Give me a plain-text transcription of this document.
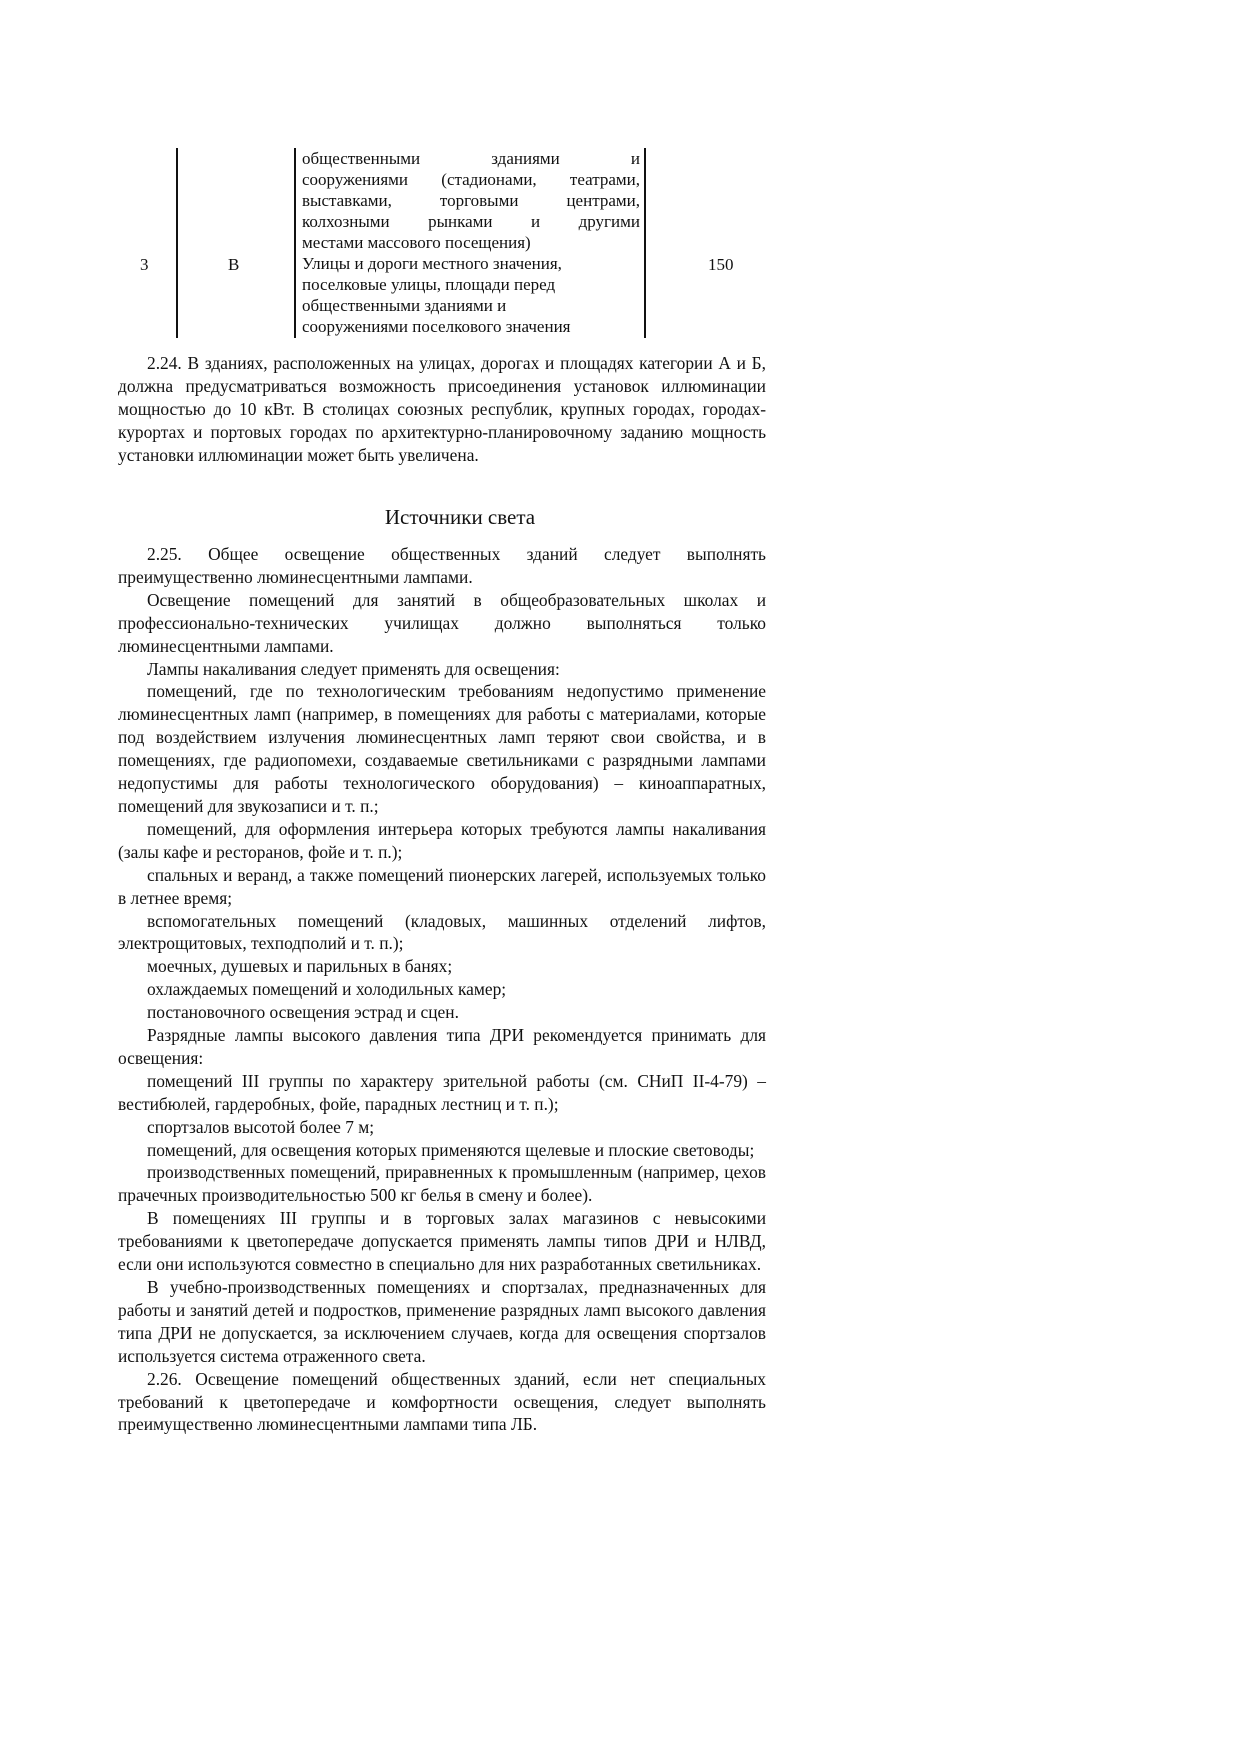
3	В
общественными зданиями и
сооружениями (стадионами, театрами,
выставками, торговыми центрами,
колхозными рынками и другими
местами массового посещения)
Улицы и дороги местного значения,
поселковые улицы, площади перед
общественными зданиями и
сооружениями поселкового значения
150

2.24. В зданиях, расположенных на улицах, дорогах и площадях категории А и Б, должна предусматриваться возможность присоединения установок иллюминации мощностью до 10 кВт. В столицах союзных республик, крупных городах, городах-курортах и портовых городах по архитектурно-планировочному заданию мощность установки иллюминации может быть увеличена.

Источники света

2.25. Общее освещение общественных зданий следует выполнять преимущественно люминесцентными лампами.

Освещение помещений для занятий в общеобразовательных школах и профессионально-технических училищах должно выполняться только люминесцентными лампами.

Лампы накаливания следует применять для освещения:

помещений, где по технологическим требованиям недопустимо применение люминесцентных ламп (например, в помещениях для работы с материалами, которые под воздействием излучения люминесцентных ламп теряют свои свойства, и в помещениях, где радиопомехи, создаваемые светильниками с разрядными лампами недопустимы для работы технологического оборудования) – киноаппаратных, помещений для звукозаписи и т. п.;

помещений, для оформления интерьера которых требуются лампы накаливания (залы кафе и ресторанов, фойе и т. п.);

спальных и веранд, а также помещений пионерских лагерей, используемых только в летнее время;

вспомогательных помещений (кладовых, машинных отделений лифтов, электрощитовых, техподполий и т. п.);

моечных, душевых и парильных в банях;

охлаждаемых помещений и холодильных камер;

постановочного освещения эстрад и сцен.

Разрядные лампы высокого давления типа ДРИ рекомендуется принимать для освещения:

помещений III группы по характеру зрительной работы (см. СНиП II-4-79) – вестибюлей, гардеробных, фойе, парадных лестниц и т. п.);

спортзалов высотой более 7 м;

помещений, для освещения которых применяются щелевые и плоские световоды;

производственных помещений, приравненных к промышленным (например, цехов прачечных производительностью 500 кг белья в смену и более).

В помещениях III группы и в торговых залах магазинов с невысокими требованиями к цветопередаче допускается применять лампы типов ДРИ и НЛВД, если они используются совместно в специально для них разработанных светильниках.

В учебно-производственных помещениях и спортзалах, предназначенных для работы и занятий детей и подростков, применение разрядных ламп высокого давления типа ДРИ не допускается, за исключением случаев, когда для освещения спортзалов используется система отраженного света.

2.26. Освещение помещений общественных зданий, если нет специальных требований к цветопередаче и комфортности освещения, следует выполнять преимущественно люминесцентными лампами типа ЛБ.
